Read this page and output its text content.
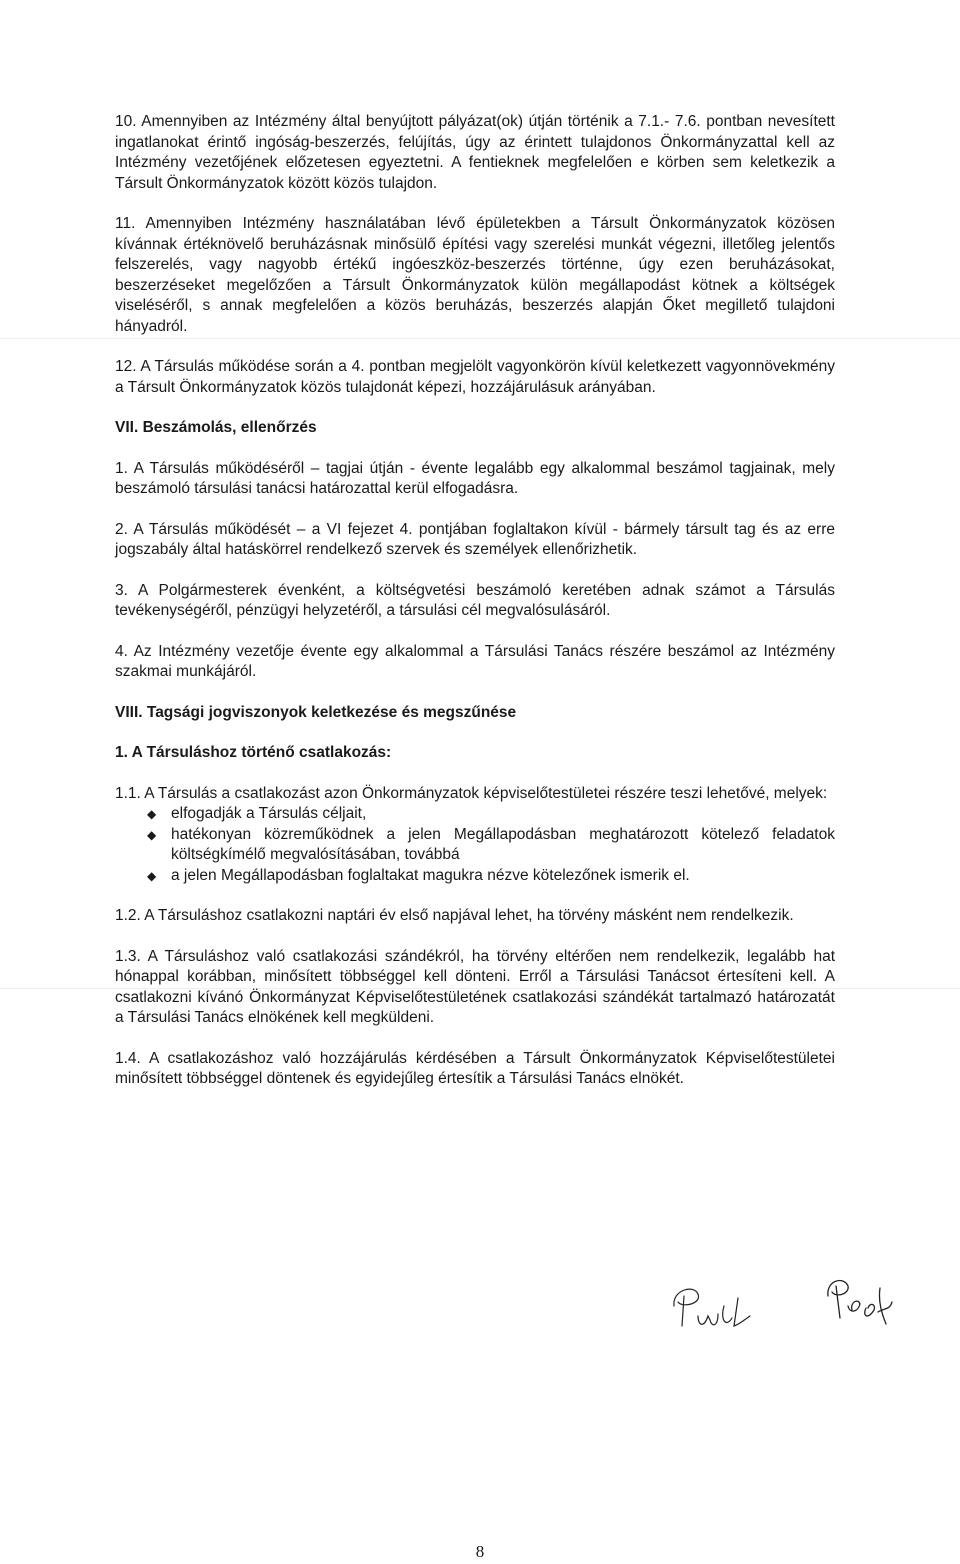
10. Amennyiben az Intézmény által benyújtott pályázat(ok) útján történik a 7.1.- 7.6. pontban nevesített ingatlanokat érintő ingóság-beszerzés, felújítás, úgy az érintett tulajdonos Önkormányzattal kell az Intézmény vezetőjének előzetesen egyeztetni. A fentieknek megfelelően e körben sem keletkezik a Társult Önkormányzatok között közös tulajdon.

11. Amennyiben Intézmény használatában lévő épületekben a Társult Önkormányzatok közösen kívánnak értéknövelő beruházásnak minősülő építési vagy szerelési munkát végezni, illetőleg jelentős felszerelés, vagy nagyobb értékű ingóeszköz-beszerzés történne, úgy ezen beruházásokat, beszerzéseket megelőzően a Társult Önkormányzatok külön megállapodást kötnek a költségek viseléséről, s annak megfelelően a közös beruházás, beszerzés alapján Őket megillető tulajdoni hányadról.

12. A Társulás működése során a 4. pontban megjelölt vagyonkörön kívül keletkezett vagyonnövekmény a Társult Önkormányzatok közös tulajdonát képezi, hozzájárulásuk arányában.

VII. Beszámolás, ellenőrzés

1. A Társulás működéséről – tagjai útján - évente legalább egy alkalommal beszámol tagjainak, mely beszámoló társulási tanácsi határozattal kerül elfogadásra.

2. A Társulás működését – a VI fejezet 4. pontjában foglaltakon kívül - bármely társult tag és az erre jogszabály által hatáskörrel rendelkező szervek és személyek ellenőrizhetik.

3. A Polgármesterek évenként, a költségvetési beszámoló keretében adnak számot a Társulás tevékenységéről, pénzügyi helyzetéről, a társulási cél megvalósulásáról.

4. Az Intézmény vezetője évente egy alkalommal a Társulási Tanács részére beszámol az Intézmény szakmai munkájáról.

VIII. Tagsági jogviszonyok keletkezése és megszűnése
1. A Társuláshoz történő csatlakozás:

1.1. A Társulás a csatlakozást azon Önkormányzatok képviselőtestületei részére teszi lehetővé, melyek:

◆ elfogadják a Társulás céljait,
◆ hatékonyan közreműködnek a jelen Megállapodásban meghatározott kötelező feladatok költségkímélő megvalósításában, továbbá
◆ a jelen Megállapodásban foglaltakat magukra nézve kötelezőnek ismerik el.

1.2. A Társuláshoz csatlakozni naptári év első napjával lehet, ha törvény másként nem rendelkezik.

1.3. A Társuláshoz való csatlakozási szándékról, ha törvény eltérően nem rendelkezik, legalább hat hónappal korábban, minősített többséggel kell dönteni. Erről a Társulási Tanácsot értesíteni kell. A csatlakozni kívánó Önkormányzat Képviselőtestületének csatlakozási szándékát tartalmazó határozatát a Társulási Tanács elnökének kell megküldeni.

1.4. A csatlakozáshoz való hozzájárulás kérdésében a Társult Önkormányzatok Képviselőtestületei minősített többséggel döntenek és egyidejűleg értesítik a Társulási Tanács elnökét.

8
